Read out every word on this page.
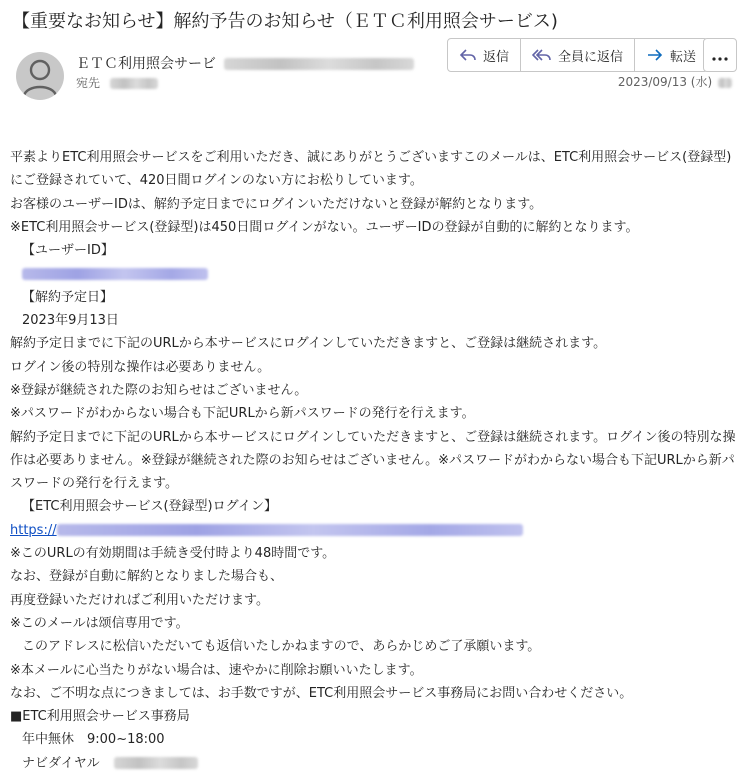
【重要なお知らせ】解約予告のお知らせ（ＥＴＣ利用照会サービス)
ＥＴＣ利用照会サービ
宛先
返信	全員に返信	転送
2023/09/13 (水)

平素よりETC利用照会サービスをご利用いただき、誠にありがとうございますこのメールは、ETC利用照会サービス(登録型)にご登録されていて、420日間ログインのない方にお松りしています。

お客様のユーザーIDは、解約予定日までにログインいただけないと登録が解約となります。

※ETC利用照会サービス(登録型)は450日間ログインがない。ユーザーIDの登録が自動的に解約となります。

【ユーザーID】

【解約予定日】

2023年9月13日

解約予定日までに下記のURLから本サービスにログインしていただきますと、ご登録は継続されます。

ログイン後の特別な操作は必要ありません。

※登録が継続された際のお知らせはございません。

※パスワードがわからない場合も下記URLから新パスワードの発行を行えます。

解約予定日までに下記のURLから本サービスにログインしていただきますと、ご登録は継続されます。ログイン後の特別な操作は必要ありません。※登録が継続された際のお知らせはございません。※パスワードがわからない場合も下記URLから新パスワードの発行を行えます。

【ETC利用照会サービス(登録型)ログイン】

https://

※このURLの有効期間は手続き受付時より48時間です。

なお、登録が自動に解約となりました場合も、

再度登録いただければご利用いただけます。

※このメールは颂信専用です。

このアドレスに松信いただいても返信いたしかねますので、あらかじめご了承願います。

※本メールに心当たりがない場合は、速やかに削除お願いいたします。

なお、ご不明な点につきましては、お手数ですが、ETC利用照会サービス事務局にお問い合わせください。

■ETC利用照会サービス事務局

年中無休　9:00~18:00

ナビダイヤル
